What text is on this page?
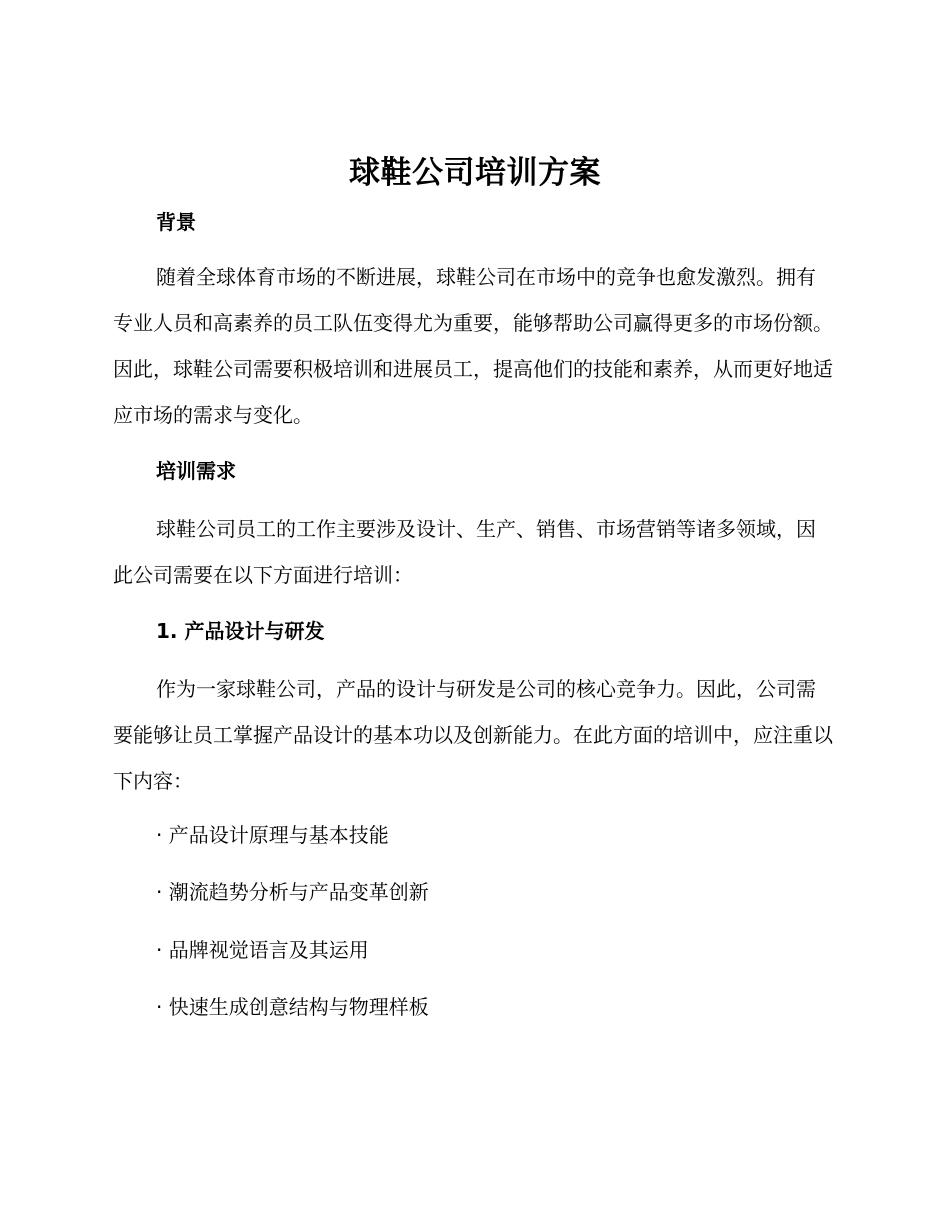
球鞋公司培训方案
背景

随着全球体育市场的不断进展，球鞋公司在市场中的竞争也愈发激烈。拥有专业人员和高素养的员工队伍变得尤为重要，能够帮助公司赢得更多的市场份额。因此，球鞋公司需要积极培训和进展员工，提高他们的技能和素养，从而更好地适应市场的需求与变化。

培训需求

球鞋公司员工的工作主要涉及设计、生产、销售、市场营销等诸多领域，因此公司需要在以下方面进行培训：

1. 产品设计与研发

作为一家球鞋公司，产品的设计与研发是公司的核心竞争力。因此，公司需要能够让员工掌握产品设计的基本功以及创新能力。在此方面的培训中，应注重以下内容：

· 产品设计原理与基本技能
· 潮流趋势分析与产品变革创新
· 品牌视觉语言及其运用
· 快速生成创意结构与物理样板
